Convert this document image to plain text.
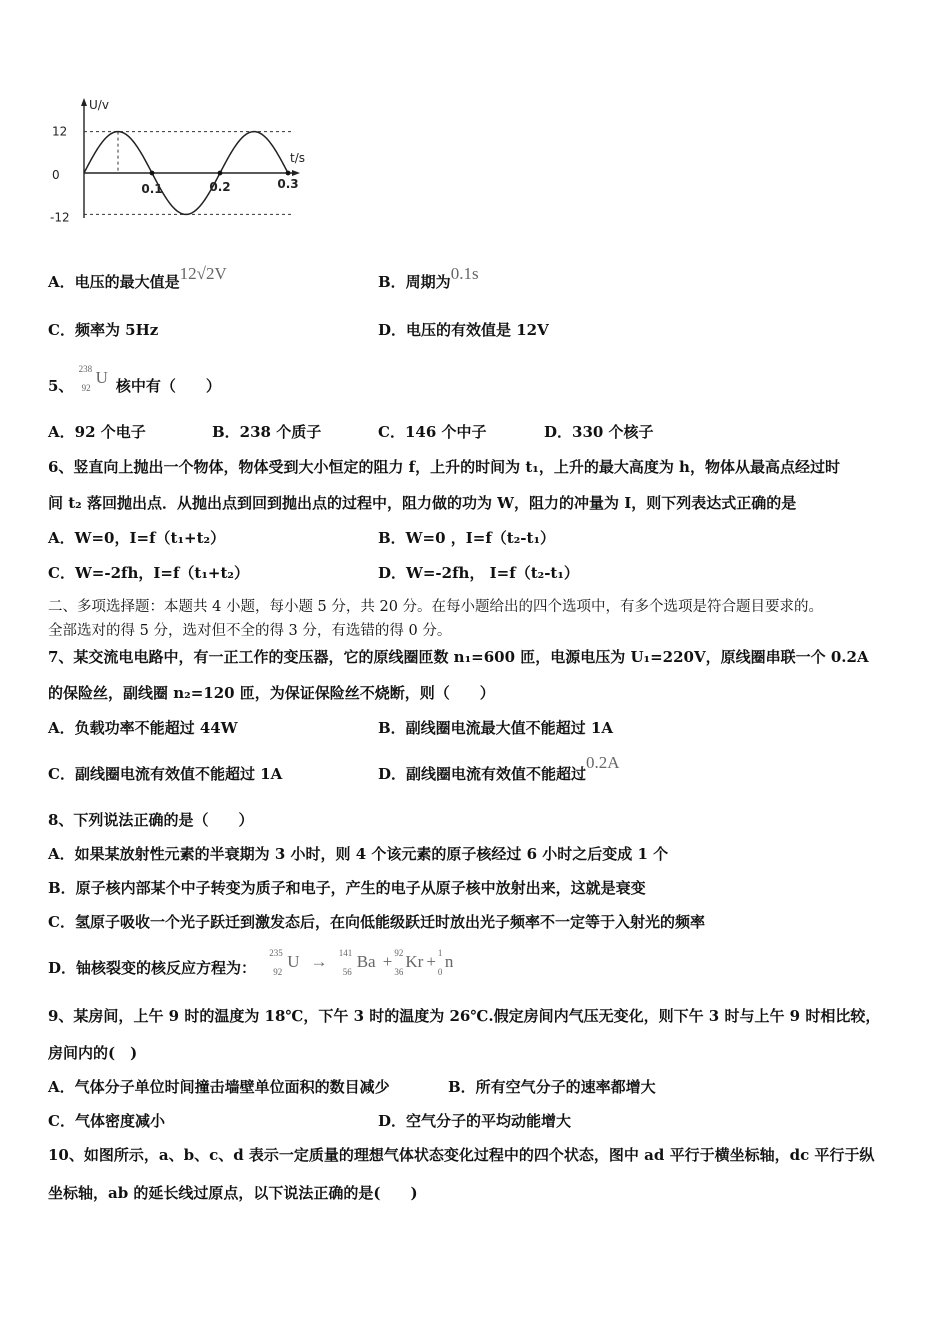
0.1	0.2	0.3
12
0
-12
U/v
t/s
A．电压的最大值是12√2V	B．周期为0.1s
C．频率为 5Hz	D．电压的有效值是 12V
5、
238
92
U 核中有（　　）
A．92 个电子	B．238 个质子	C．146 个中子	D．330 个核子
6、竖直向上抛出一个物体，物体受到大小恒定的阻力 f，上升的时间为 t₁，上升的最大高度为 h，物体从最高点经过时
间 t₂ 落回抛出点．从抛出点到回到抛出点的过程中，阻力做的功为 W，阻力的冲量为 I，则下列表达式正确的是
A．W=0，I=f（t₁+t₂）	B．W=0 ，I=f（t₂-t₁）
C．W=-2fh，I=f（t₁+t₂）	D．W=-2fh， I=f（t₂-t₁）
二、多项选择题：本题共 4 小题，每小题 5 分，共 20 分。在每小题给出的四个选项中，有多个选项是符合题目要求的。
全部选对的得 5 分，选对但不全的得 3 分，有选错的得 0 分。
7、某交流电电路中，有一正工作的变压器，它的原线圈匝数 n₁=600 匝，电源电压为 U₁=220V，原线圈串联一个 0.2A
的保险丝，副线圈 n₂=120 匝，为保证保险丝不烧断，则（　　）
A．负载功率不能超过 44W	B．副线圈电流最大值不能超过 1A
C．副线圈电流有效值不能超过 1A	D．副线圈电流有效值不能超过0.2A
8、下列说法正确的是（　　）
A．如果某放射性元素的半衰期为 3 小时，则 4 个该元素的原子核经过 6 小时之后变成 1 个
B．原子核内部某个中子转变为质子和电子，产生的电子从原子核中放射出来，这就是衰变
C．氢原子吸收一个光子跃迁到激发态后，在向低能级跃迁时放出光子频率不一定等于入射光的频率
D．铀核裂变的核反应方程为：
235
92
U → 141
56
Ba + 92
36
Kr + 1
0
n
9、某房间，上午 9 时的温度为 18℃，下午 3 时的温度为 26℃.假定房间内气压无变化，则下午 3 时与上午 9 时相比较，
房间内的(　)
A．气体分子单位时间撞击墙壁单位面积的数目减少	B．所有空气分子的速率都增大
C．气体密度减小	D．空气分子的平均动能增大
10、如图所示，a、b、c、d 表示一定质量的理想气体状态变化过程中的四个状态，图中 ad 平行于横坐标轴，dc 平行于纵
坐标轴，ab 的延长线过原点，以下说法正确的是(　　)
